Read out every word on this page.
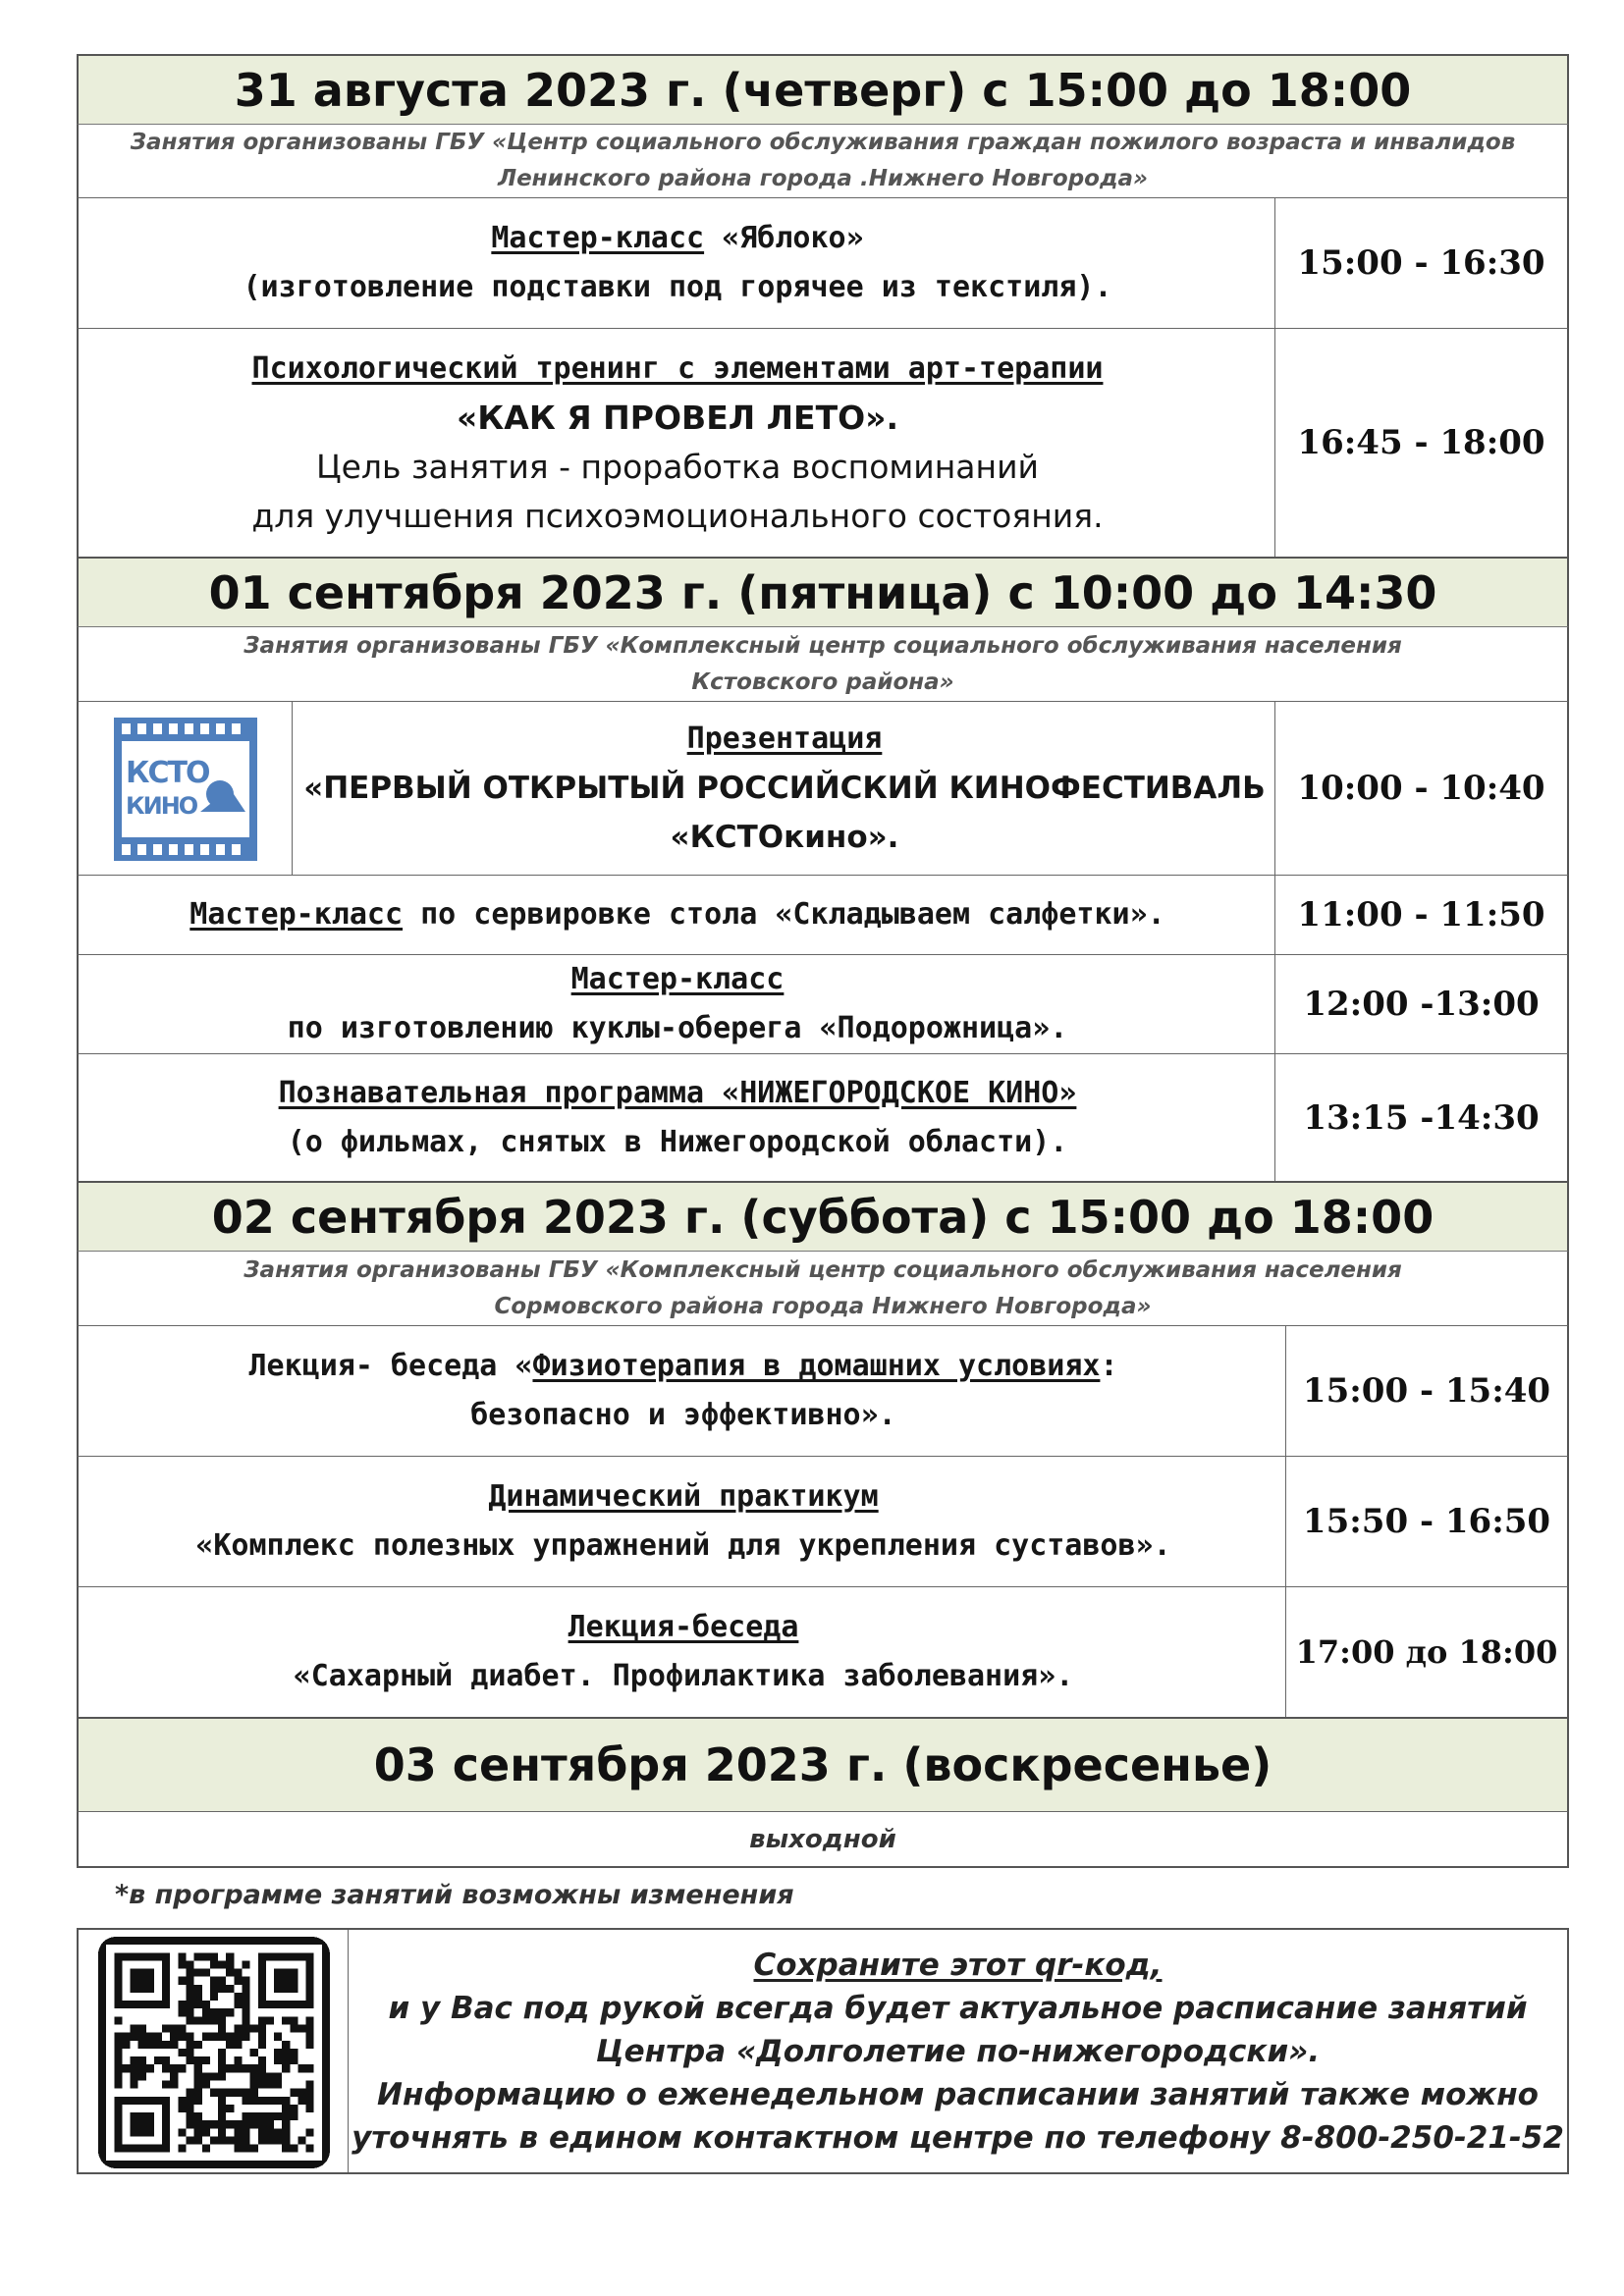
31 августа 2023 г. (четверг) с 15:00 до 18:00
Занятия организованы ГБУ «Центр социального обслуживания граждан пожилого возраста и инвалидов
Ленинского района города .Нижнего Новгорода»
Мастер-класс «Яблоко»
(изготовление подставки под горячее из текстиля).
15:00 - 16:30
Психологический тренинг с элементами арт-терапии
«КАК Я ПРОВЕЛ ЛЕТО».
Цель занятия - проработка воспоминаний
для улучшения психоэмоционального состояния.
16:45 - 18:00
01 сентября 2023 г. (пятница) с 10:00 до 14:30
Занятия организованы ГБУ «Комплексный центр социального обслуживания населения
Кстовского района»
КСТО
КИНО
Презентация
«ПЕРВЫЙ ОТКРЫТЫЙ РОССИЙСКИЙ КИНОФЕСТИВАЛЬ
«КСТОкино».
10:00 - 10:40
Мастер-класс по сервировке стола «Складываем салфетки».	11:00 - 11:50
Мастер-класс
по изготовлению куклы-оберега «Подорожница».
12:00 -13:00
Познавательная программа «НИЖЕГОРОДСКОЕ КИНО»
(о фильмах, снятых в Нижегородской области).
13:15 -14:30
02 сентября 2023 г. (суббота) с 15:00 до 18:00
Занятия организованы ГБУ «Комплексный центр социального обслуживания населения
Сормовского района города Нижнего Новгорода»
Лекция- беседа «Физиотерапия в домашних условиях:
безопасно и эффективно».
15:00 - 15:40
Динамический практикум
«Комплекс полезных упражнений для укрепления суставов».
15:50 - 16:50
Лекция-беседа
«Сахарный диабет. Профилактика заболевания».
17:00 до 18:00
03 сентября 2023 г. (воскресенье)
выходной
*в программе занятий возможны изменения
Сохраните этот qr-код,
и у Вас под рукой всегда будет актуальное расписание занятий
Центра «Долголетие по-нижегородски».
Информацию о еженедельном расписании занятий также можно
уточнять в едином контактном центре по телефону 8-800-250-21-52
